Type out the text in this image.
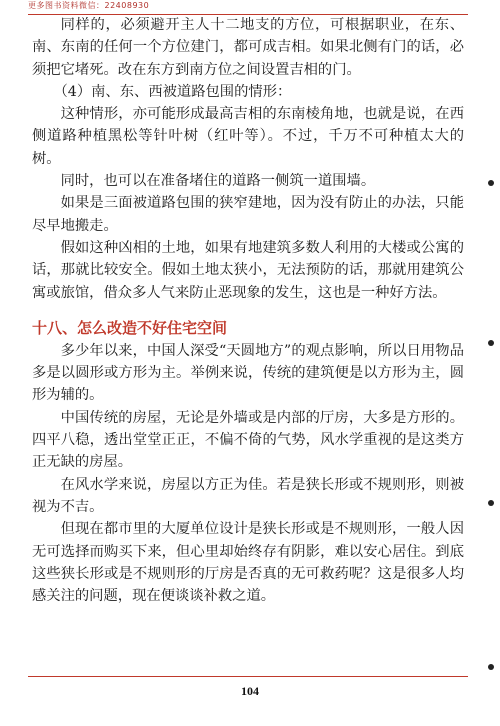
更多图书资料微信：22408930

同样的，必须避开主人十二地支的方位，可根据职业，在东、南、东南的任何一个方位建门，都可成吉相。如果北侧有门的话，必须把它堵死。改在东方到南方位之间设置吉相的门。

（4）南、东、西被道路包围的情形：

这种情形，亦可能形成最高吉相的东南棱角地，也就是说，在西侧道路种植黑松等针叶树（红叶等）。不过，千万不可种植太大的树。

同时，也可以在准备堵住的道路一侧筑一道围墙。

如果是三面被道路包围的狭窄建地，因为没有防止的办法，只能尽早地搬走。

假如这种凶相的土地，如果有地建筑多数人利用的大楼或公寓的话，那就比较安全。假如土地太狭小，无法预防的话，那就用建筑公寓或旅馆，借众多人气来防止恶现象的发生，这也是一种好方法。

十八、怎么改造不好住宅空间

多少年以来，中国人深受“天圆地方”的观点影响，所以日用物品多是以圆形或方形为主。举例来说，传统的建筑便是以方形为主，圆形为辅的。

中国传统的房屋，无论是外墙或是内部的厅房，大多是方形的。四平八稳，透出堂堂正正，不偏不倚的气势，风水学重视的是这类方正无缺的房屋。

在风水学来说，房屋以方正为佳。若是狭长形或不规则形，则被视为不吉。

但现在都市里的大厦单位设计是狭长形或是不规则形，一般人因无可选择而购买下来，但心里却始终存有阴影，难以安心居住。到底这些狭长形或是不规则形的厅房是否真的无可救药呢？这是很多人均感关注的问题，现在便谈谈补救之道。

104
